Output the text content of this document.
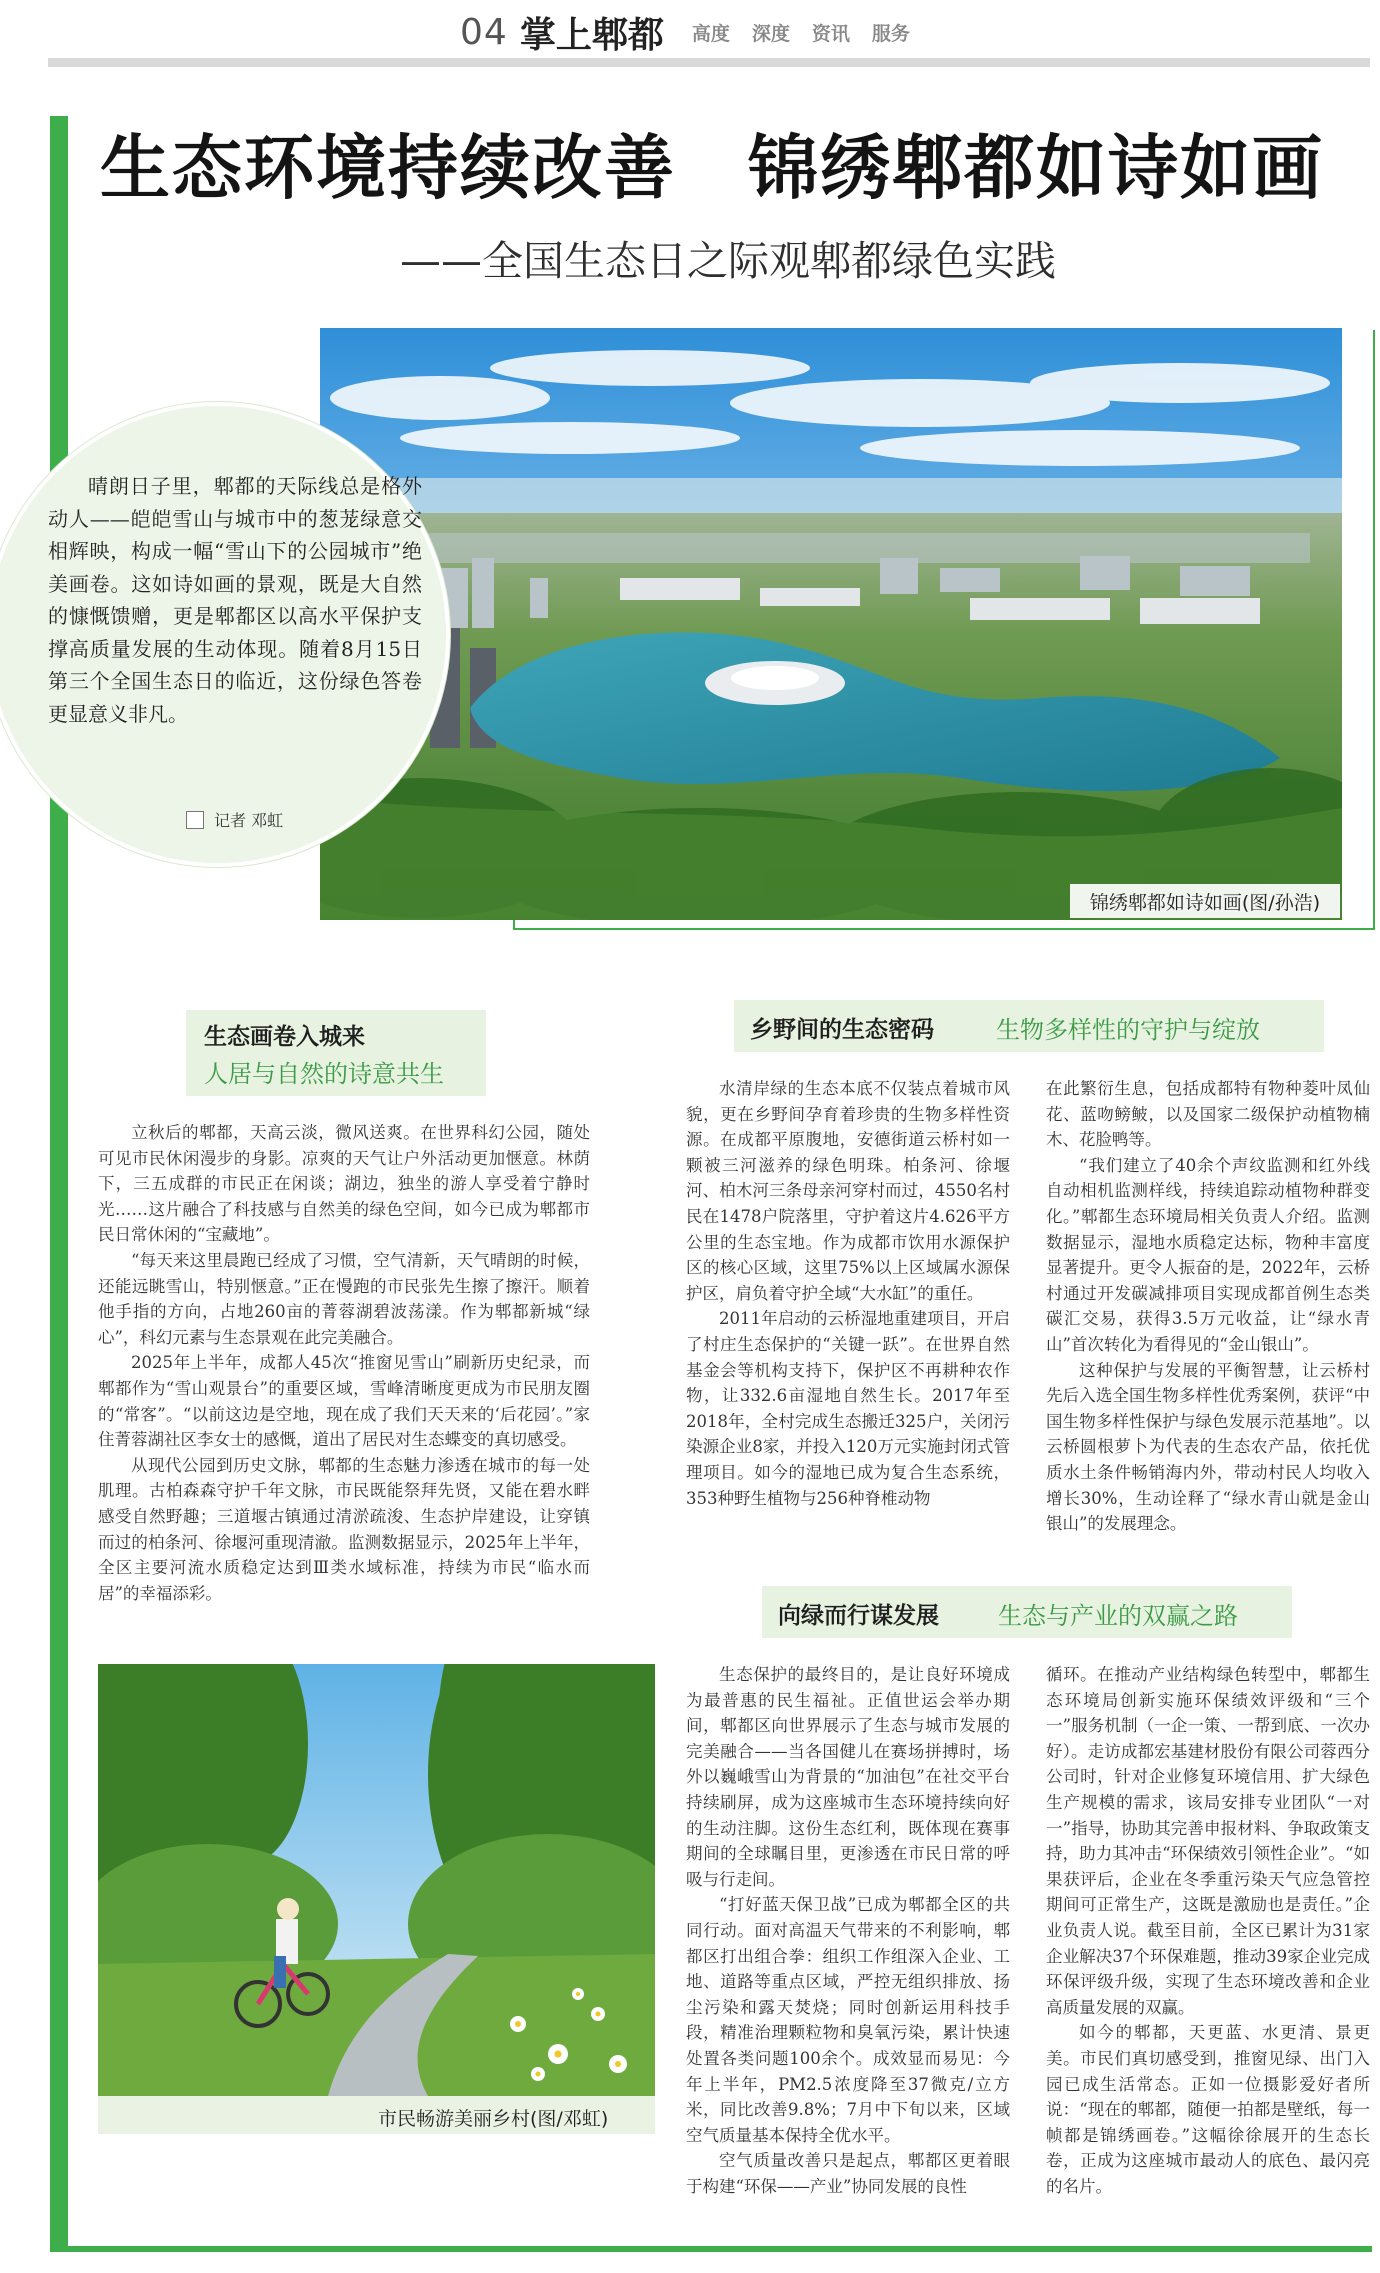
04 掌上郫都 高度 深度 资讯 服务
生态环境持续改善 锦绣郫都如诗如画
——全国生态日之际观郫都绿色实践
锦绣郫都如诗如画(图/孙浩)

晴朗日子里，郫都的天际线总是格外动人——皑皑雪山与城市中的葱茏绿意交相辉映，构成一幅“雪山下的公园城市”绝美画卷。这如诗如画的景观，既是大自然的慷慨馈赠，更是郫都区以高水平保护支撑高质量发展的生动体现。随着8月15日第三个全国生态日的临近，这份绿色答卷更显意义非凡。

记者 邓虹
生态画卷入城来
人居与自然的诗意共生
乡野间的生态密码	生物多样性的守护与绽放
向绿而行谋发展 生态与产业的双赢之路

立秋后的郫都，天高云淡，微风送爽。在世界科幻公园，随处可见市民休闲漫步的身影。凉爽的天气让户外活动更加惬意。林荫下，三五成群的市民正在闲谈；湖边，独坐的游人享受着宁静时光……这片融合了科技感与自然美的绿色空间，如今已成为郫都市民日常休闲的“宝藏地”。

“每天来这里晨跑已经成了习惯，空气清新，天气晴朗的时候，还能远眺雪山，特别惬意。”正在慢跑的市民张先生擦了擦汗。顺着他手指的方向，占地260亩的菁蓉湖碧波荡漾。作为郫都新城“绿心”，科幻元素与生态景观在此完美融合。

2025年上半年，成都人45次“推窗见雪山”刷新历史纪录，而郫都作为“雪山观景台”的重要区域，雪峰清晰度更成为市民朋友圈的“常客”。“以前这边是空地，现在成了我们天天来的‘后花园’。”家住菁蓉湖社区李女士的感慨，道出了居民对生态蝶变的真切感受。

从现代公园到历史文脉，郫都的生态魅力渗透在城市的每一处肌理。古柏森森守护千年文脉，市民既能祭拜先贤，又能在碧水畔感受自然野趣；三道堰古镇通过清淤疏浚、生态护岸建设，让穿镇而过的柏条河、徐堰河重现清澈。监测数据显示，2025年上半年，全区主要河流水质稳定达到Ⅲ类水域标准，持续为市民“临水而居”的幸福添彩。

水清岸绿的生态本底不仅装点着城市风貌，更在乡野间孕育着珍贵的生物多样性资源。在成都平原腹地，安德街道云桥村如一颗被三河滋养的绿色明珠。柏条河、徐堰河、柏木河三条母亲河穿村而过，4550名村民在1478户院落里，守护着这片4.626平方公里的生态宝地。作为成都市饮用水源保护区的核心区域，这里75%以上区域属水源保护区，肩负着守护全域“大水缸”的重任。

2011年启动的云桥湿地重建项目，开启了村庄生态保护的“关键一跃”。在世界自然基金会等机构支持下，保护区不再耕种农作物，让332.6亩湿地自然生长。2017年至2018年，全村完成生态搬迁325户，关闭污染源企业8家，并投入120万元实施封闭式管理项目。如今的湿地已成为复合生态系统，353种野生植物与256种脊椎动物

在此繁衍生息，包括成都特有物种菱叶凤仙花、蓝吻鳑鲏，以及国家二级保护动植物楠木、花脸鸭等。

“我们建立了40余个声纹监测和红外线自动相机监测样线，持续追踪动植物种群变化。”郫都生态环境局相关负责人介绍。监测数据显示，湿地水质稳定达标，物种丰富度显著提升。更令人振奋的是，2022年，云桥村通过开发碳减排项目实现成都首例生态类碳汇交易，获得3.5万元收益，让“绿水青山”首次转化为看得见的“金山银山”。

这种保护与发展的平衡智慧，让云桥村先后入选全国生物多样性优秀案例，获评“中国生物多样性保护与绿色发展示范基地”。以云桥圆根萝卜为代表的生态农产品，依托优质水土条件畅销海内外，带动村民人均收入增长30%，生动诠释了“绿水青山就是金山银山”的发展理念。

生态保护的最终目的，是让良好环境成为最普惠的民生福祉。正值世运会举办期间，郫都区向世界展示了生态与城市发展的完美融合——当各国健儿在赛场拼搏时，场外以巍峨雪山为背景的“加油包”在社交平台持续刷屏，成为这座城市生态环境持续向好的生动注脚。这份生态红利，既体现在赛事期间的全球瞩目里，更渗透在市民日常的呼吸与行走间。

“打好蓝天保卫战”已成为郫都全区的共同行动。面对高温天气带来的不利影响，郫都区打出组合拳：组织工作组深入企业、工地、道路等重点区域，严控无组织排放、扬尘污染和露天焚烧；同时创新运用科技手段，精准治理颗粒物和臭氧污染，累计快速处置各类问题100余个。成效显而易见：今年上半年，PM2.5浓度降至37微克/立方米，同比改善9.8%；7月中下旬以来，区域空气质量基本保持全优水平。

空气质量改善只是起点，郫都区更着眼于构建“环保——产业”协同发展的良性

循环。在推动产业结构绿色转型中，郫都生态环境局创新实施环保绩效评级和“三个一”服务机制（一企一策、一帮到底、一次办好）。走访成都宏基建材股份有限公司蓉西分公司时，针对企业修复环境信用、扩大绿色生产规模的需求，该局安排专业团队“一对一”指导，协助其完善申报材料、争取政策支持，助力其冲击“环保绩效引领性企业”。“如果获评后，企业在冬季重污染天气应急管控期间可正常生产，这既是激励也是责任。”企业负责人说。截至目前，全区已累计为31家企业解决37个环保难题，推动39家企业完成环保评级升级，实现了生态环境改善和企业高质量发展的双赢。

如今的郫都，天更蓝、水更清、景更美。市民们真切感受到，推窗见绿、出门入园已成生活常态。正如一位摄影爱好者所说：“现在的郫都，随便一拍都是壁纸，每一帧都是锦绣画卷。”这幅徐徐展开的生态长卷，正成为这座城市最动人的底色、最闪亮的名片。

市民畅游美丽乡村(图/邓虹)
